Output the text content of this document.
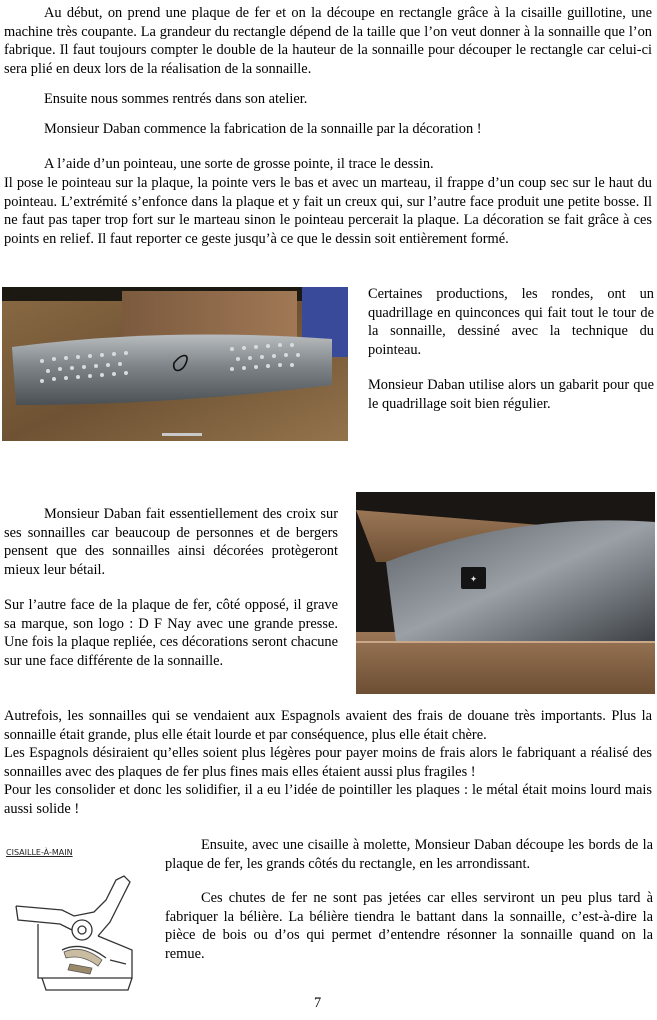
Au début, on prend une plaque de fer et on la découpe en rectangle grâce à la cisaille guillotine, une machine très coupante. La grandeur du rectangle dépend de la taille que l’on veut donner à la sonnaille que l’on fabrique. Il faut toujours compter le double de la hauteur de la sonnaille pour découper le rectangle car celui-ci sera plié en deux lors de la réalisation de la sonnaille.

Ensuite nous sommes rentrés dans son atelier.

Monsieur Daban commence la fabrication de la sonnaille par la décoration !

A l’aide d’un pointeau, une sorte de grosse pointe, il trace le dessin.

Il pose le pointeau sur la plaque, la pointe vers le bas et avec un marteau, il frappe d’un coup sec sur le haut du pointeau. L’extrémité s’enfonce dans la plaque et y fait un creux qui, sur l’autre face produit une petite bosse. Il ne faut pas taper trop fort sur le marteau sinon le pointeau percerait la plaque. La décoration se fait grâce à ces points en relief. Il faut reporter ce geste jusqu’à ce que le dessin soit entièrement formé.

Certaines productions, les rondes, ont un quadrillage en quinconces qui fait tout le tour de la sonnaille, dessiné avec la technique du pointeau.

Monsieur Daban utilise alors un gabarit pour que le quadrillage soit bien régulier.

Monsieur Daban fait essentiellement des croix sur ses sonnailles car beaucoup de personnes et de bergers pensent que des sonnailles ainsi décorées protègeront mieux leur bétail.

Sur l’autre face de la plaque de fer, côté opposé, il grave sa marque, son logo : D F Nay avec une grande presse. Une fois la plaque repliée, ces décorations seront chacune sur une face différente de la sonnaille.

✦

Autrefois, les sonnailles qui se vendaient aux Espagnols avaient des frais de douane très importants. Plus la sonnaille était grande, plus elle était lourde et par conséquence, plus elle était chère.

Les Espagnols désiraient qu’elles soient plus légères pour payer moins de frais alors le fabriquant a réalisé des sonnailles avec des plaques de fer plus fines mais elles étaient aussi plus fragiles !

Pour les consolider et donc les solidifier, il a eu l’idée de pointiller les plaques : le métal était moins lourd mais aussi solide !

CISAILLE-À-MAIN	Ensuite, avec une cisaille à molette, Monsieur Daban découpe les bords de la plaque de fer, les grands côtés du rectangle, en les arrondissant.

Ces chutes de fer ne sont pas jetées car elles serviront un peu plus tard à fabriquer la bélière. La bélière tiendra le battant dans la sonnaille, c’est-à-dire la pièce de bois ou d’os qui permet d’entendre résonner la sonnaille quand on la remue.

7
